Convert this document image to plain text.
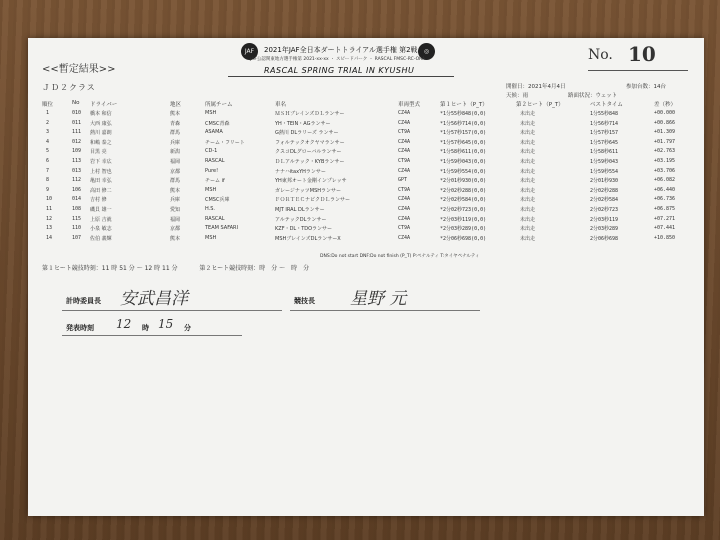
<<暫定結果>>
JAF	◎
2021年JAF全日本ダートトライアル選手権 第2戦
JAF公認関東地方選手権第 2021-xx-xx ・ スピードパーク ・ RASCAL FMSC-RC-ORA
RASCAL SPRING TRIAL IN KYUSHU
No. 10
ＪＤ２クラス	開催日：2021年4月4日	参加台数：14台
天候：雨	路面状況：ウェット
順位	No ドライバー	地区	所属チーム	車名	車両型式	第１ヒート（P_T）	第２ヒート（P_T）	ベストタイム	差（秒）
1	010 橋本 和信	熊本	MSH	ＭＳＨブレインズＤＬランサー	CZ4A	*1分55秒848(0,0)	未出走	1分55秒848	+00.000
2	011 大西 康弘	青森	CMSC青森	YH・TEIN・AGランサー	CZ4A	*1分56秒714(0,0)	未出走	1分56秒714	+00.866
3	111 熱川 嘉朗	群馬	ASAMA	G熱川 DLラリーズ ランサー	CT9A	*1分57秒157(0,0)	未出走	1分57秒157	+01.309
4	012 和嶋 泰之	兵庫	チーム・フリート	フォルテックオクヤマランサー	CZ4A	*1分57秒645(0,0)	未出走	1分57秒645	+01.797
5	109 目黒 亮	新潟	CD-1	クスコDLグローバルランサー	CZ4A	*1分58秒611(0,0)	未出走	1分58秒611	+02.763
6	113 岩下 幸広	福岡	RASCAL	ＤＬアルテック・KYBランサー	CT9A	*1分59秒043(0,0)	未出走	1分59秒043	+03.195
7	013 上村 智也	京都	Pure!	ナナハitaxYHランサー	CZ4A	*1分59秒554(0,0)	未出走	1分59秒554	+03.706
8	112 亀田 幸弘	群馬	チーム if	YH東邦オート金剛インプレッサ	GPT	*2分01秒930(0,0)	未出走	2分01秒930	+06.082
9	106 高田 修二	熊本	MSH	ガレージナッツMSHランサー	CT9A	*2分02秒288(0,0)	未出走	2分02秒288	+06.440
10	014 吉村 修	兵庫	CMSC兵庫	ＦＯＲＴＥＣナビクＤＬランサー	CZ4A	*2分02秒584(0,0)	未出走	2分02秒584	+06.736
11	108 磯貝 雄一	愛知	H.S.	MJT IRAL DLランサー	CZ4A	*2分02秒723(0,0)	未出走	2分02秒723	+06.875
12	115 上原 吉就	福岡	RASCAL	アルテックDLランサー	CZ4A	*2分03秒119(0,0)	未出走	2分03秒119	+07.271
13	110 小泉 敏志	京都	TEAM SAFARI	KZF・DL・TDOランサー	CT9A	*2分03秒289(0,0)	未出走	2分03秒289	+07.441
14	107 佐伯 義輝	熊本	MSH	MSHブレインズDLランサーX	CZ4A	*2分06秒698(0,0)	未出走	2分06秒698	+10.850
DNS:Do not start DNF:Do not finish (P_T) P:ペナルティ T:タイヤペナルティ
第１ヒート競技時刻：11 時 51 分 〜 12 時 11 分	第２ヒート競技時刻：時　分 〜　時　分
計時委員長 安武昌洋	競技長 星野 元
発表時刻 12 時 15 分
